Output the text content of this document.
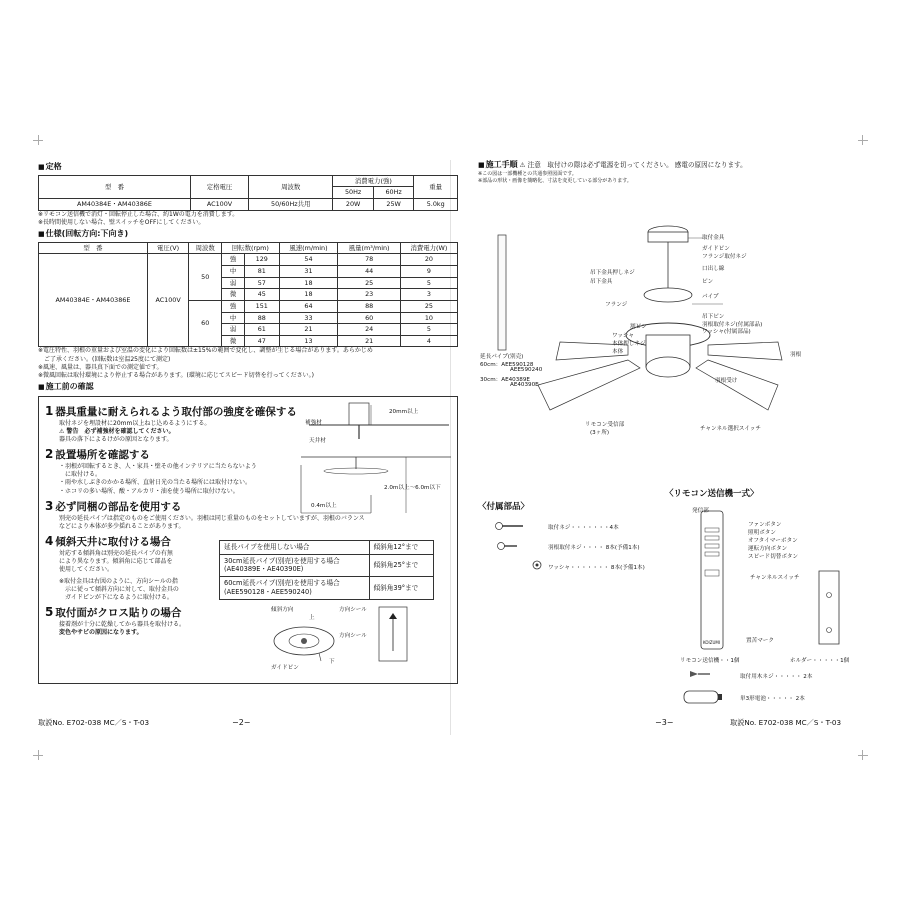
■ 定格
型　番	定格電圧	周波数	消費電力(強)		重量
			50Hz	60Hz	
AM40384E・AM40386E	AC100V	50/60Hz共用	20W	25W	5.0kg

※リモコン送信機で消灯・回転停止した場合、約1Wの電力を消費します。

※長時間使用しない場合、壁スイッチをOFFにしてください。

■ 仕様(回転方向:下向き)
型　番	電圧(V)	周波数	回転数(rpm)		風速(m/min)	風量(m³/min)	消費電力(W)
AM40384E・AM40386E	AC100V	50	強	129	54	78	20
			中	81	31	44	9
			弱	57	18	25	5
			微	45	18	23	3
		60	強	151	64	88	25
			中	88	33	60	10
			弱	61	21	24	5
			微	47	13	21	4

※電圧特性、羽根の重量および室温の変化により回転数は±15%の範囲で変化し、調整が生じる場合があります。あらかじめ

　ご了承ください。(回転数は室温25度にて測定)

※風速、風量は、器具真下面での測定値です。

※微風回転は取付環境により停止する場合があります。(環境に応じてスピード切替を行ってください。)

■ 施工前の確認
1 器具重量に耐えられるよう取付部の強度を確保する
取付ネジを埋設材に20mm以上ねじ込めるようにする。
⚠ 警告　必ず補強材を確認してください。
器具の落下によるけがの原因となります。
2 設置場所を確認する
・羽根が回転するとき、人・家具・壁その他インテリアに当たらないよう
　に取付ける。
・雨や水しぶきのかかる場所、直射日光の当たる場所には取付けない。
・ホコリの多い場所、酸・アルカリ・油を使う場所に取付けない。
3 必ず同梱の部品を使用する
別売の延長パイプは指定のものをご使用ください。羽根は同じ重量のものをセットしていますが、羽根のバランス
などにより本体が多少揺れることがあります。
4 傾斜天井に取付ける場合
対応する傾斜角は別売の延長パイプの有無
により異なります。傾斜角に応じて部品を
使用してください。
※取付金具は右図のように、方向シールの指
　示に従って傾斜方向に対して、取付金具の
　ガイドピンが下になるように取付ける。
5 取付面がクロス貼りの場合
接着剤が十分に乾燥してから器具を取付ける。
変色やサビの原因になります。
延長パイプを使用しない場合	傾斜角12°まで
30cm延長パイプ(別売)を使用する場合
(AE40389E・AE40390E)	傾斜角25°まで
60cm延長パイプ(別売)を使用する場合
(AEE590128・AEE590240)	傾斜角39°まで
20mm以上
補強材
天井材
0.4m以上
2.0m以上〜6.0m以下
傾斜方向
上
下
方向シール
ガイドピン
方向シール
取説No. E702-038 MC／S・T-03	−2−
■ 施工手順 ⚠ 注意　取付けの際は必ず電源を切ってください。 感電の原因になります。

※この図は一部機種との共通参照図面です。

※部品の形状・画像を簡略化、寸法を変更している部分があります。

取付金具
ガイドピン
フランジ取付ネジ
口出し線
吊下金具押しネジ
吊下金具	ピン
フランジ
パイプ
吊下ピン
羽根取付ネジ(付属部品)
ワッシャ(付属部品)
割ピン
ワッシャ
本体押しネジ
本体	羽根
羽根受け
リモコン受信部
(3ヶ所)
チャンネル選択スイッチ
延長パイプ(別売)
60cm：AEE590128
AEE590240
30cm：AE40389E
AE40390E
〈付属部品〉
取付ネジ・・・・・・・4本
羽根取付ネジ・・・・ 8本(予備1本)
ワッシャ・・・・・・・ 8本(予備1本)
〈リモコン送信機一式〉
発信部
ファンボタン
照明ボタン
オフタイマーボタン
運転方向ボタン
スピード切替ボタン
チャンネルスイッチ
KOIZUMI	置苦マーク
リモコン送信機・・1個	ホルダー・・・・・1個
取付用木ネジ・・・・・ 2本
単3形電池・・・・・ 2本
−3−	取説No. E702-038 MC／S・T-03
